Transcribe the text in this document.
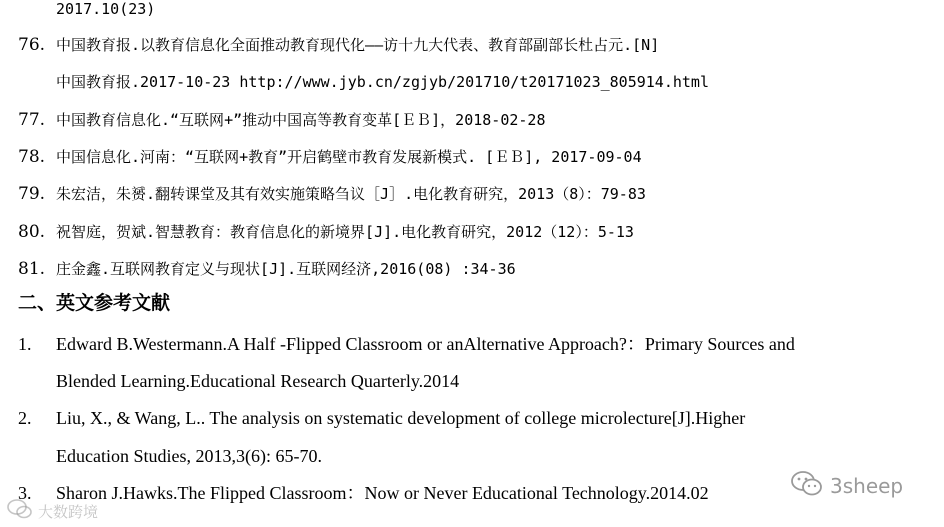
2017.10(23)
76. 中国教育报.以教育信息化全面推动教育现代化——访十九大代表、教育部副部长杜占元.[N]
中国教育报.2017-10-23 http://www.jyb.cn/zgjyb/201710/t20171023_805914.html
77. 中国教育信息化.“互联网+”推动中国高等教育变革[ＥＢ]，2018-02-28
78. 中国信息化.河南：“互联网+教育”开启鹤壁市教育发展新模式. [ＥＢ], 2017-09-04
79. 朱宏洁，朱赟.翻转课堂及其有效实施策略刍议［J］.电化教育研究，2013（8）：79-83
80. 祝智庭，贺斌.智慧教育：教育信息化的新境界[J].电化教育研究，2012（12）：5-13
81. 庄金鑫.互联网教育定义与现状[J].互联网经济,2016(08) :34-36
二、英文参考文献
1. Edward B.Westermann.A Half -Flipped Classroom or anAlternative Approach?：Primary Sources and
Blended Learning.Educational Research Quarterly.2014
2. Liu, X., & Wang, L.. The analysis on systematic development of college microlecture[J].Higher
Education Studies, 2013,3(6): 65-70.
3. Sharon J.Hawks.The Flipped Classroom：Now or Never Educational Technology.2014.02	3sheep
大数跨境
